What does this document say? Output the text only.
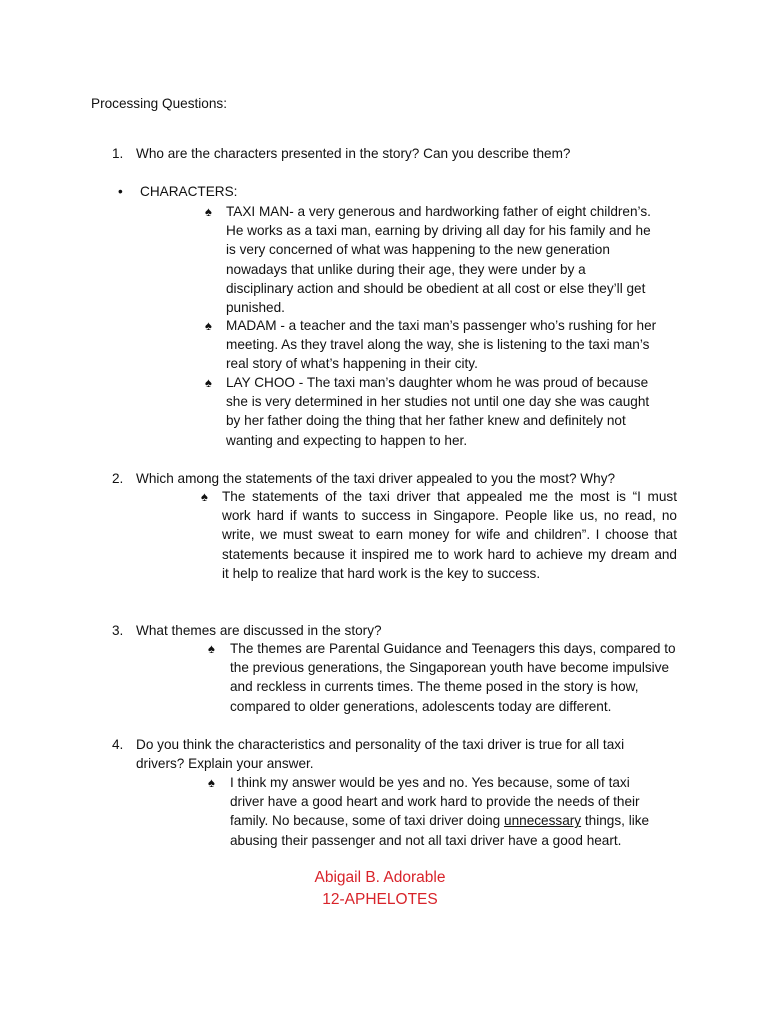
Processing Questions:
1. Who are the characters presented in the story? Can you describe them?
• CHARACTERS:
♠ TAXI MAN- a very generous and hardworking father of eight children’s.
He works as a taxi man, earning by driving all day for his family and he
is very concerned of what was happening to the new generation
nowadays that unlike during their age, they were under by a
disciplinary action and should be obedient at all cost or else they’ll get
punished.
♠ MADAM - a teacher and the taxi man’s passenger who’s rushing for her
meeting. As they travel along the way, she is listening to the taxi man’s
real story of what’s happening in their city.
♠ LAY CHOO - The taxi man’s daughter whom he was proud of because
she is very determined in her studies not until one day she was caught
by her father doing the thing that her father knew and definitely not
wanting and expecting to happen to her.
2. Which among the statements of the taxi driver appealed to you the most? Why?
♠ The statements of the taxi driver that appealed me the most is “I must
work hard if wants to success in Singapore. People like us, no read, no
write, we must sweat to earn money for wife and children”. I choose that
statements because it inspired me to work hard to achieve my dream and
it help to realize that hard work is the key to success.
3. What themes are discussed in the story?
♠ The themes are Parental Guidance and Teenagers this days, compared to
the previous generations, the Singaporean youth have become impulsive
and reckless in currents times. The theme posed in the story is how,
compared to older generations, adolescents today are different.
4. Do you think the characteristics and personality of the taxi driver is true for all taxi
drivers? Explain your answer.
♠ I think my answer would be yes and no. Yes because, some of taxi
driver have a good heart and work hard to provide the needs of their
family. No because, some of taxi driver doing unnecessary things, like
abusing their passenger and not all taxi driver have a good heart.
Abigail B. Adorable
12-APHELOTES
